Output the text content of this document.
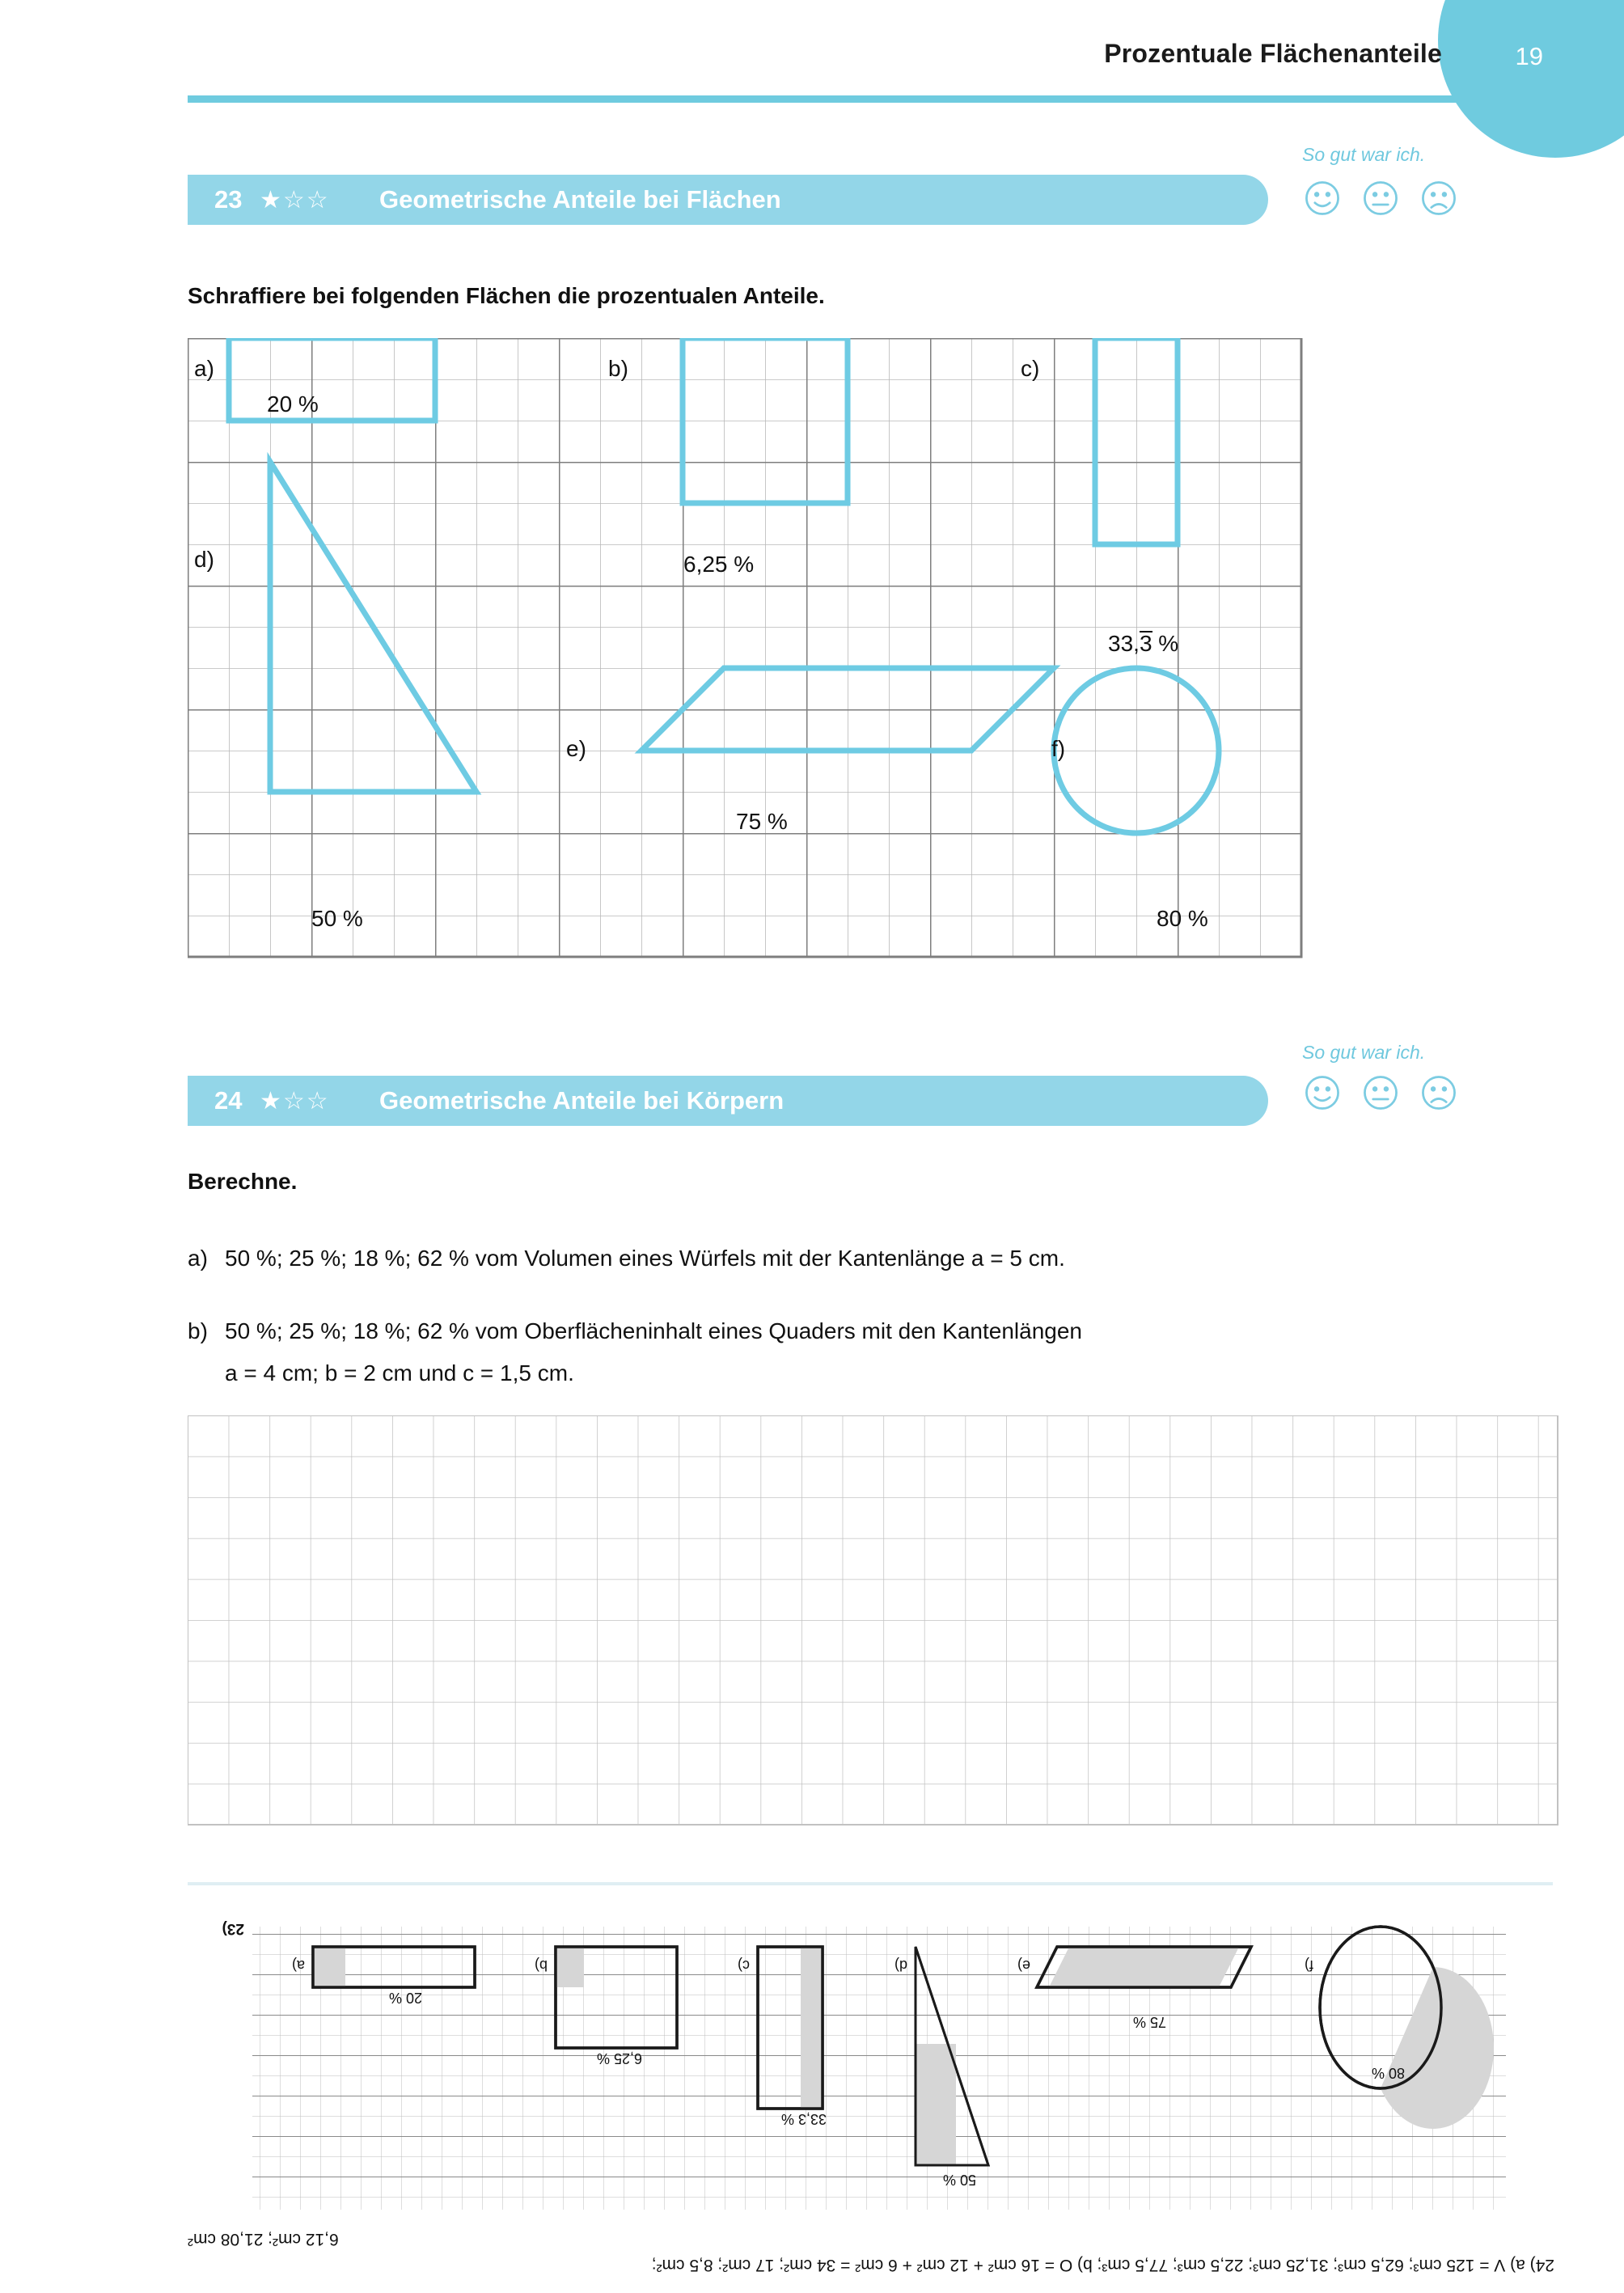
Prozentuale Flächenanteile	19
So gut war ich.
23 ★☆☆	Geometrische Anteile bei Flächen
Schraffiere bei folgenden Flächen die prozentualen Anteile.
a)
20 %
b)
6,25 %
c)
33,3 %
d)
50 %
e)
75 %
f)
80 %
So gut war ich.
24 ★☆☆	Geometrische Anteile bei Körpern
Berechne.
a) 50 %; 25 %; 18 %; 62 % vom Volumen eines Würfels mit der Kantenlänge a = 5 cm.
b) 50 %; 25 %; 18 %; 62 % vom Oberflächeninhalt eines Quaders mit den Kantenlängen
a = 4 cm; b = 2 cm und c = 1,5 cm.
24) a) V = 125 cm³; 62,5 cm³; 31,25 cm³; 22,5 cm³; 77,5 cm³; b) O = 16 cm² + 12 cm² + 6 cm² = 34 cm²; 17 cm²; 8,5 cm²;
6,12 cm²; 21,08 cm²
23)
a)
20 %
b)
6,25 %
c)
33,3 %
d)
50 %
e)
75 %
f)
80 %
